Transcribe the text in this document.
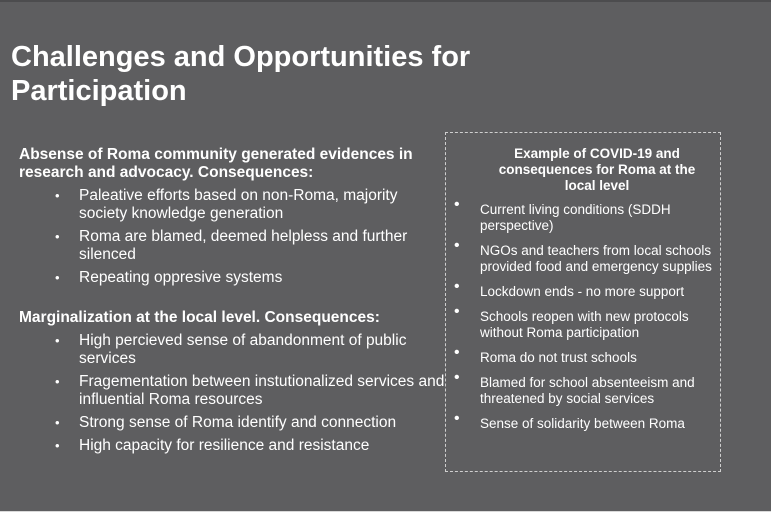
Challenges and Opportunities for Participation

Absense of Roma community generated evidences in research and advocacy. Consequences:

• Paleative efforts based on non-Roma, majority society knowledge generation
• Roma are blamed, deemed helpless and further silenced
• Repeating oppresive systems

Marginalization at the local level. Consequences:

• High percieved sense of abandonment of public services
• Fragementation between instutionalized services and influential Roma resources
• Strong sense of Roma identify and connection
• High capacity for resilience and resistance

Example of COVID-19 and consequences for Roma at the local level

• Current living conditions (SDDH perspective)
• NGOs and teachers from local schools provided food and emergency supplies
• Lockdown ends - no more support
• Schools reopen with new protocols without Roma participation
• Roma do not trust schools
• Blamed for school absenteeism and threatened by social services
• Sense of solidarity between Roma
